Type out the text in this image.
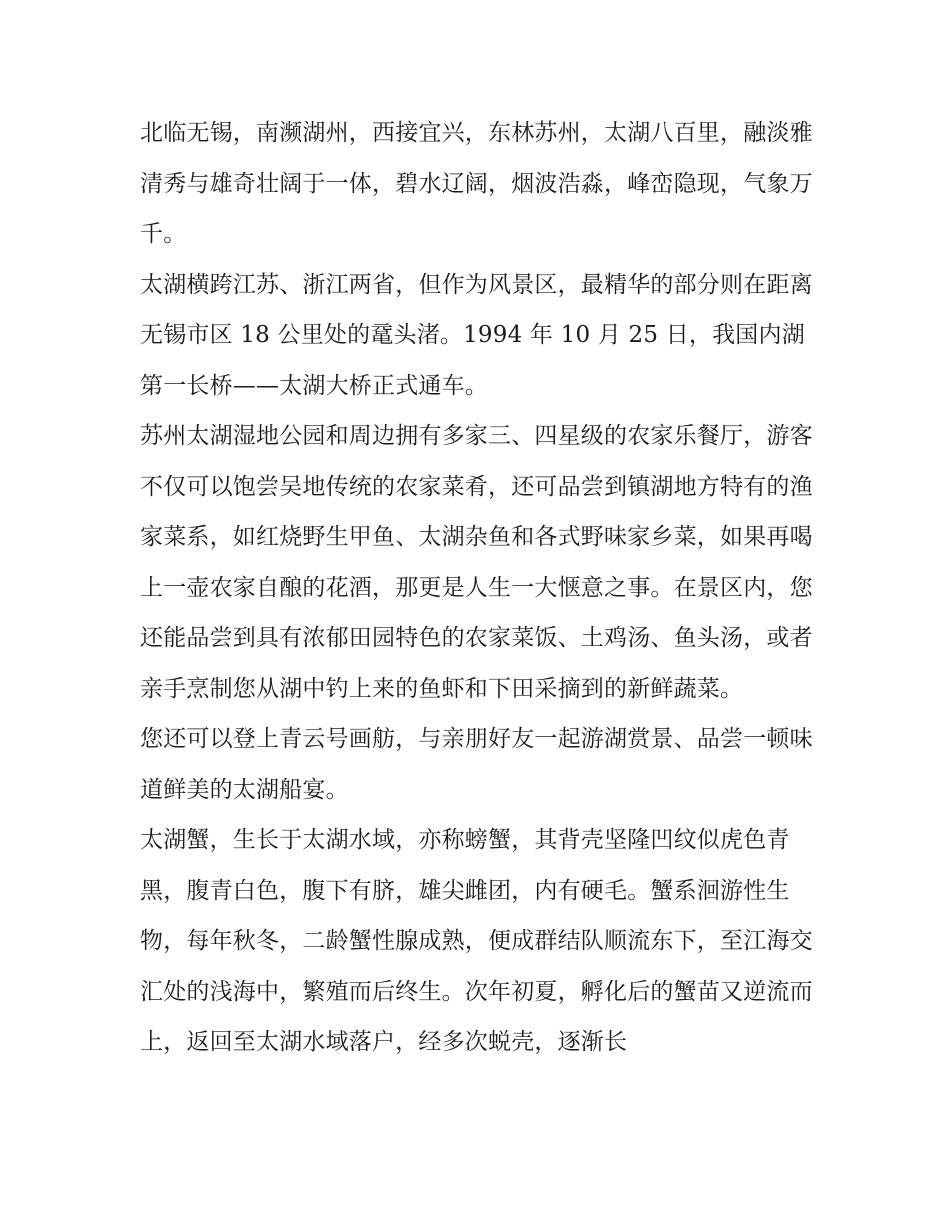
北临无锡，南濒湖州，西接宜兴，东林苏州，太湖八百里，融淡雅清秀与雄奇壮阔于一体，碧水辽阔，烟波浩淼，峰峦隐现，气象万千。

太湖横跨江苏、浙江两省，但作为风景区，最精华的部分则在距离无锡市区 18 公里处的鼋头渚。1994 年 10 月 25 日，我国内湖第一长桥——太湖大桥正式通车。

苏州太湖湿地公园和周边拥有多家三、四星级的农家乐餐厅，游客不仅可以饱尝吴地传统的农家菜肴，还可品尝到镇湖地方特有的渔家菜系，如红烧野生甲鱼、太湖杂鱼和各式野味家乡菜，如果再喝上一壶农家自酿的花酒，那更是人生一大惬意之事。在景区内，您还能品尝到具有浓郁田园特色的农家菜饭、土鸡汤、鱼头汤，或者亲手烹制您从湖中钓上来的鱼虾和下田采摘到的新鲜蔬菜。

您还可以登上青云号画舫，与亲朋好友一起游湖赏景、品尝一顿味道鲜美的太湖船宴。

太湖蟹，生长于太湖水域，亦称螃蟹，其背壳坚隆凹纹似虎色青黑，腹青白色，腹下有脐，雄尖雌团，内有硬毛。蟹系洄游性生物，每年秋冬，二龄蟹性腺成熟，便成群结队顺流东下，至江海交汇处的浅海中，繁殖而后终生。次年初夏，孵化后的蟹苗又逆流而上，返回至太湖水域落户，经多次蜕壳，逐渐长
